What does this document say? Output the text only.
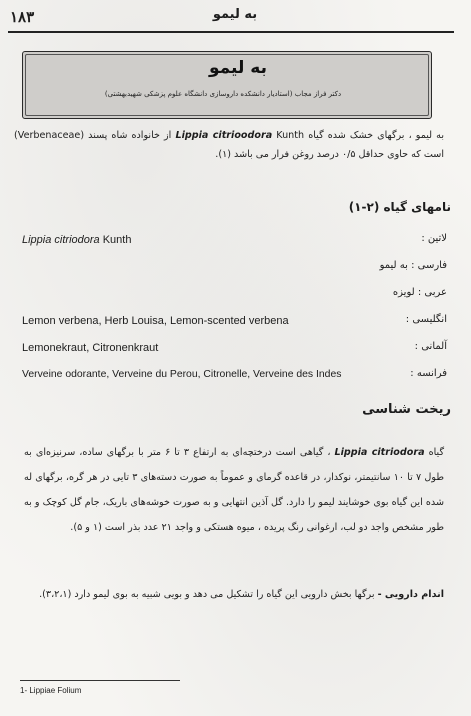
۱۸۳	به لیمو
به لیمو
دکتر فراز مجاب (استادیار دانشکده داروسازی دانشگاه علوم پزشکی شهیدبهشتی)
به لیمو ، برگهای خشک شده گیاه Lippia citrioodora Kunth از خانواده شاه پسند (Verbenaceae) است که حاوی حداقل ۰/۵ درصد روغن فرار می باشد (۱).
نامهای گیاه (۲-۱)
لاتین :
Lippia citriodora Kunth
فارسی : به لیمو
عربی : لویزه
انگلیسی :
Lemon verbena, Herb Louisa, Lemon-scented verbena
آلمانی :
Lemonekraut, Citronenkraut
فرانسه :
Verveine odorante, Verveine du Perou, Citronelle, Verveine des Indes
ریخت شناسی
گیاه Lippia citriodora ، گیاهی است درختچه‌ای به ارتفاع ۳ تا ۶ متر با برگهای ساده، سرنیزه‌ای به طول ۷ تا ۱۰ سانتیمتر، نوکدار، در قاعده گرمای و عموماً به صورت دسته‌های ۳ تایی در هر گره، برگهای له شده این گیاه بوی خوشایند لیمو را دارد. گل آذین انتهایی و به صورت خوشه‌های باریک، جام گل کوچک و به طور مشخص واجد دو لب، ارغوانی رنگ پریده ، میوه هستکی و واجد ۲۱ عدد بذر است (۱ و ۵).
اندام دارویی - برگها بخش دارویی این گیاه را تشکیل می دهد و بویی شبیه به بوی لیمو دارد (۳،۲،۱).
1- Lippiae Folium
